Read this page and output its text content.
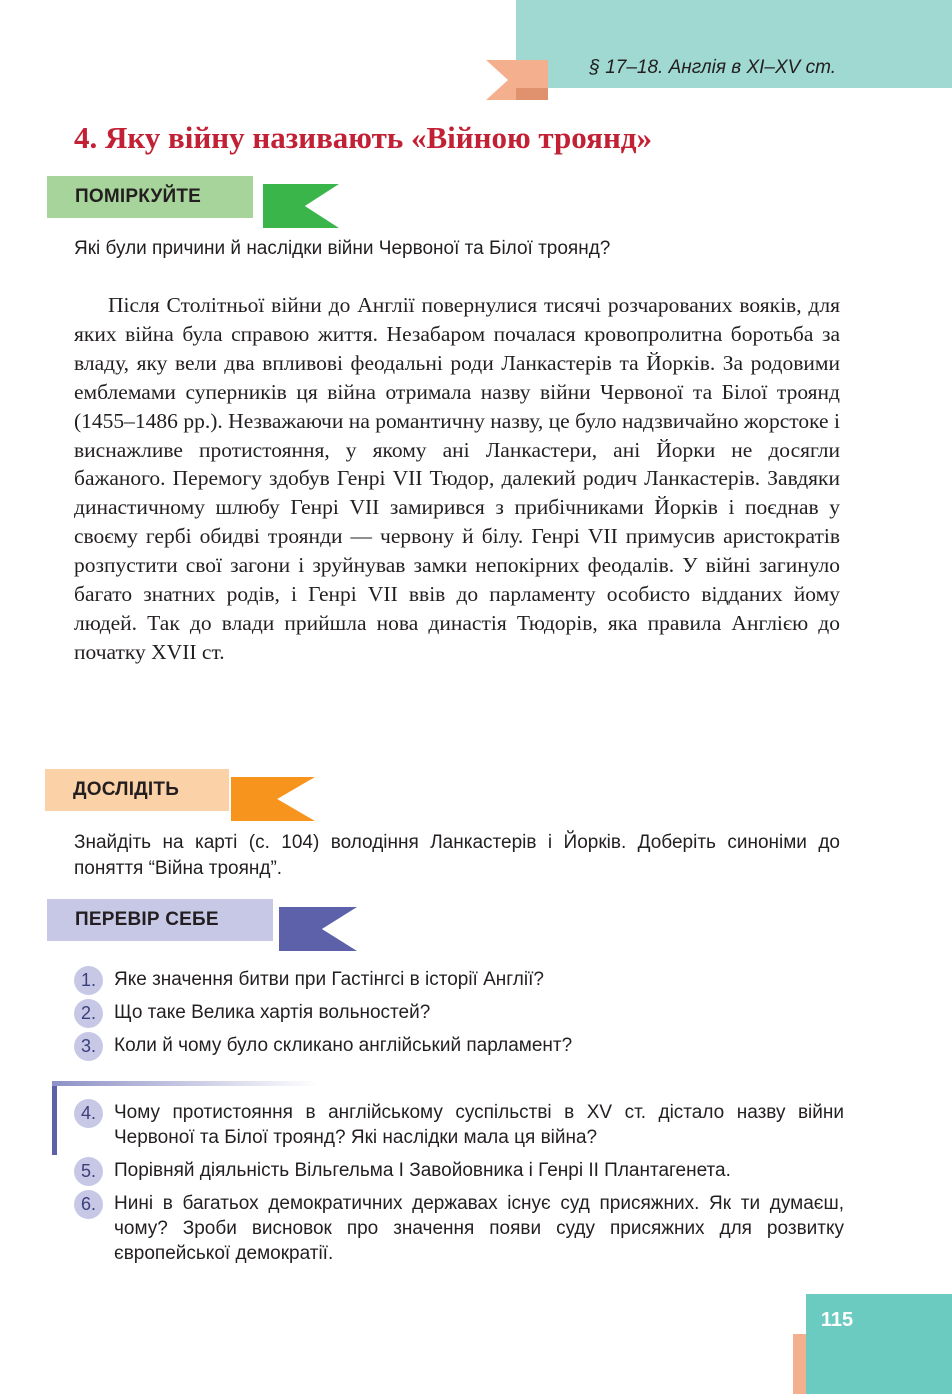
§ 17–18. Англія в XI–XV ст.
4. Яку війну називають «Війною троянд»
ПОМІРКУЙТЕ

Які були причини й наслідки війни Червоної та Білої троянд?

Після Столітньої війни до Англії повернулися тисячі розчарованих вояків, для яких війна була справою життя. Незабаром почалася кровопролитна боротьба за владу, яку вели два впливові феодальні роди Ланкастерів та Йорків. За родовими емблемами суперників ця війна отримала назву війни Червоної та Білої троянд (1455–1486 рр.). Незважаючи на романтичну назву, це було надзвичайно жорстоке і виснажливе протистояння, у якому ані Ланкастери, ані Йорки не досягли бажаного. Перемогу здобув Генрі VII Тюдор, далекий родич Ланкастерів. Завдяки династичному шлюбу Генрі VII замирився з прибічниками Йорків і поєднав у своєму гербі обидві троянди — червону й білу. Генрі VII примусив аристократів розпустити свої загони і зруйнував замки непокірних феодалів. У війні загинуло багато знатних родів, і Генрі VII ввів до парламенту особисто відданих йому людей. Так до влади прийшла нова династія Тюдорів, яка правила Англією до початку XVII ст.

ДОСЛІДІТЬ

Знайдіть на карті (с. 104) володіння Ланкастерів і Йорків. Доберіть синоніми до поняття “Війна троянд”.

ПЕРЕВІР СЕБЕ
1. Яке значення битви при Гастінгсі в історії Англії?
2. Що таке Велика хартія вольностей?
3. Коли й чому було скликано англійський парламент?
4. Чому протистояння в англійському суспільстві в XV ст. дістало назву війни Червоної та Білої троянд? Які наслідки мала ця війна?
5. Порівняй діяльність Вільгельма І Завойовника і Генрі ІІ Плантагенета.
6. Нині в багатьох демократичних державах існує суд присяжних. Як ти думаєш, чому? Зроби висновок про значення появи суду присяжних для розвитку європейської демократії.
115
